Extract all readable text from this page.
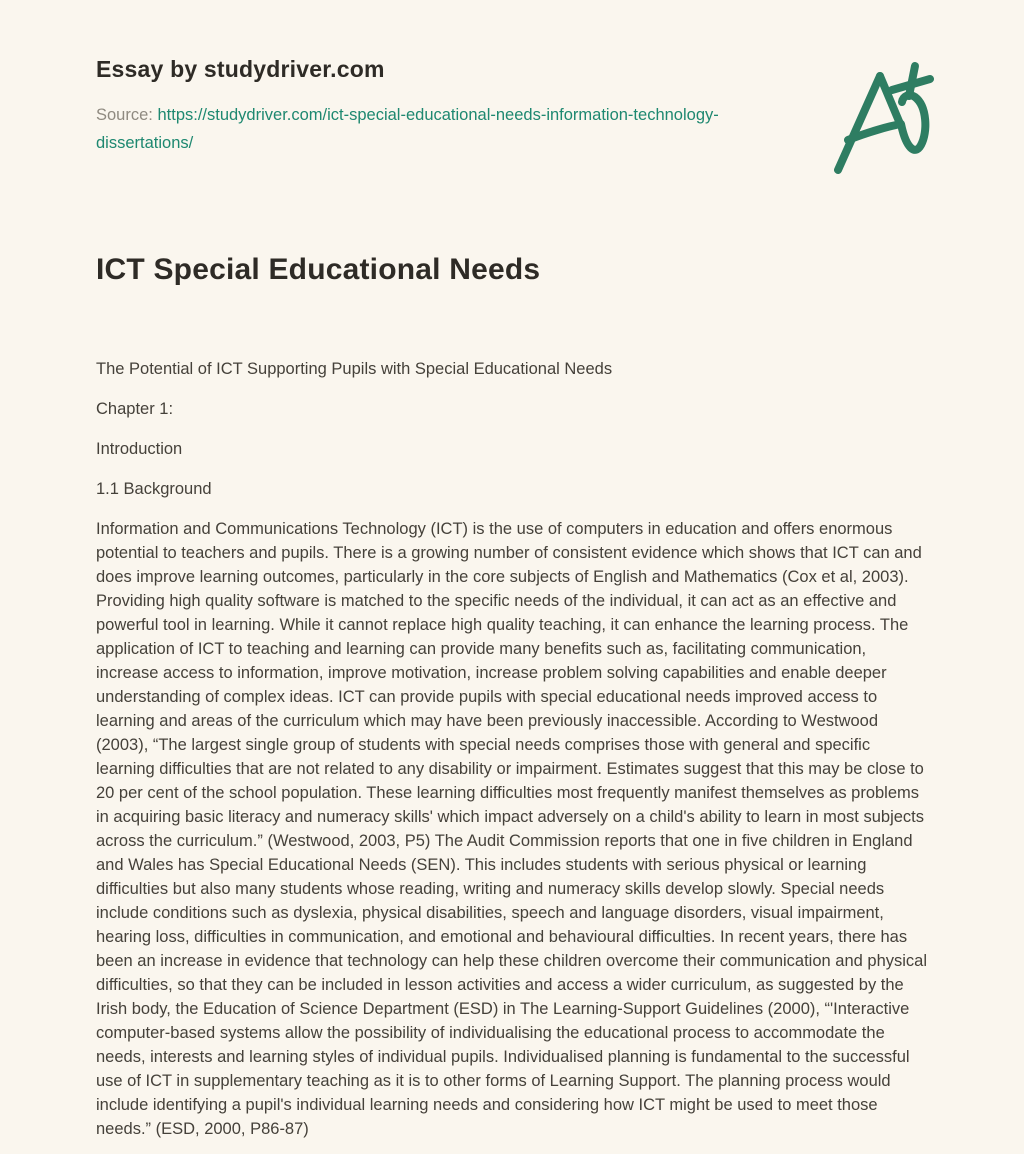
Essay by studydriver.com
Source: https://studydriver.com/ict-special-educational-needs-information-technology-dissertations/
ICT Special Educational Needs
The Potential of ICT Supporting Pupils with Special Educational Needs
Chapter 1:
Introduction
1.1 Background
Information and Communications Technology (ICT) is the use of computers in education and offers enormous potential to teachers and pupils. There is a growing number of consistent evidence which shows that ICT can and does improve learning outcomes, particularly in the core subjects of English and Mathematics (Cox et al, 2003). Providing high quality software is matched to the specific needs of the individual, it can act as an effective and powerful tool in learning. While it cannot replace high quality teaching, it can enhance the learning process. The application of ICT to teaching and learning can provide many benefits such as, facilitating communication, increase access to information, improve motivation, increase problem solving capabilities and enable deeper understanding of complex ideas. ICT can provide pupils with special educational needs improved access to learning and areas of the curriculum which may have been previously inaccessible. According to Westwood (2003), “The largest single group of students with special needs comprises those with general and specific learning difficulties that are not related to any disability or impairment. Estimates suggest that this may be close to 20 per cent of the school population. These learning difficulties most frequently manifest themselves as problems in acquiring basic literacy and numeracy skills' which impact adversely on a child's ability to learn in most subjects across the curriculum.” (Westwood, 2003, P5) The Audit Commission reports that one in five children in England and Wales has Special Educational Needs (SEN). This includes students with serious physical or learning difficulties but also many students whose reading, writing and numeracy skills develop slowly. Special needs include conditions such as dyslexia, physical disabilities, speech and language disorders, visual impairment, hearing loss, difficulties in communication, and emotional and behavioural difficulties. In recent years, there has been an increase in evidence that technology can help these children overcome their communication and physical difficulties, so that they can be included in lesson activities and access a wider curriculum, as suggested by the Irish body, the Education of Science Department (ESD) in The Learning-Support Guidelines (2000), “'Interactive computer-based systems allow the possibility of individualising the educational process to accommodate the needs, interests and learning styles of individual pupils. Individualised planning is fundamental to the successful use of ICT in supplementary teaching as it is to other forms of Learning Support. The planning process would include identifying a pupil's individual learning needs and considering how ICT might be used to meet those needs.” (ESD, 2000, P86-87)
